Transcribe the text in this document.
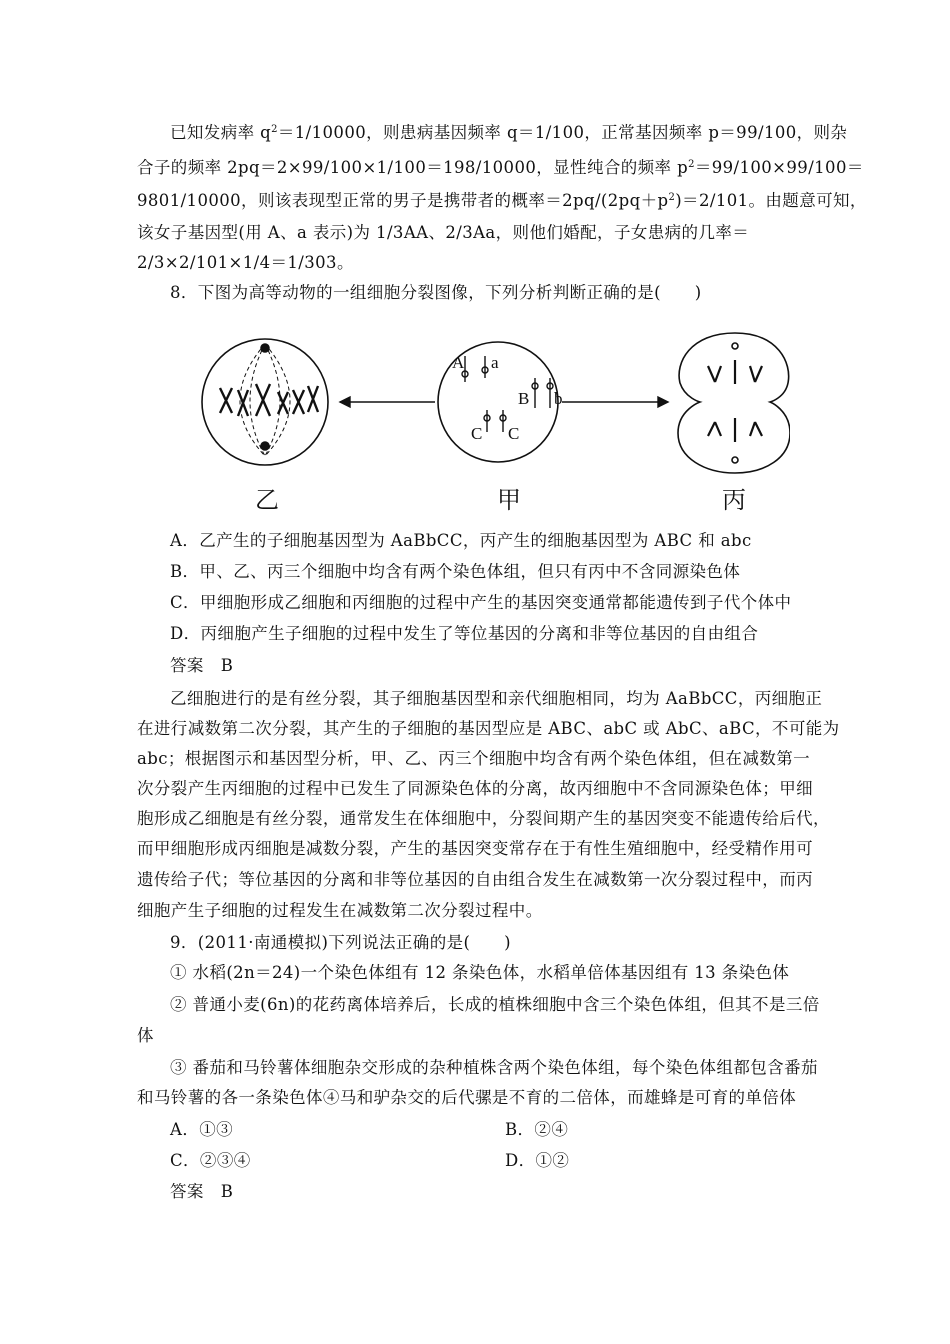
已知发病率 $q^2=1/10000$，则患病基因频率 q＝1/100，正常基因频率 p＝99/100，则杂
合子的频率 2pq＝2×99/100×1/100＝198/10000，显性纯合的频率 $p^2=99/100\times 99/100=$
9801/10000，则该表现型正常的男子是携带者的概率$=2pq/(2pq+p^2)=2/101$。由题意可知，
该女子基因型(用 A、a 表示)为 1/3AA、2/3Aa，则他们婚配，子女患病的几率＝
2/3×2/101×1/4＝1/303。
8．下图为高等动物的一组细胞分裂图像，下列分析判断正确的是(　　)
A a
B b
C C
乙	甲	丙
A．乙产生的子细胞基因型为 AaBbCC，丙产生的细胞基因型为 ABC 和 abc
B．甲、乙、丙三个细胞中均含有两个染色体组，但只有丙中不含同源染色体
C．甲细胞形成乙细胞和丙细胞的过程中产生的基因突变通常都能遗传到子代个体中
D．丙细胞产生子细胞的过程中发生了等位基因的分离和非等位基因的自由组合
答案　B
乙细胞进行的是有丝分裂，其子细胞基因型和亲代细胞相同，均为 AaBbCC，丙细胞正
在进行减数第二次分裂，其产生的子细胞的基因型应是 ABC、abC 或 AbC、aBC，不可能为
abc；根据图示和基因型分析，甲、乙、丙三个细胞中均含有两个染色体组，但在减数第一
次分裂产生丙细胞的过程中已发生了同源染色体的分离，故丙细胞中不含同源染色体；甲细
胞形成乙细胞是有丝分裂，通常发生在体细胞中，分裂间期产生的基因突变不能遗传给后代，
而甲细胞形成丙细胞是减数分裂，产生的基因突变常存在于有性生殖细胞中，经受精作用可
遗传给子代；等位基因的分离和非等位基因的自由组合发生在减数第一次分裂过程中，而丙
细胞产生子细胞的过程发生在减数第二次分裂过程中。
9．(2011·南通模拟)下列说法正确的是(　　)
① 水稻(2n＝24)一个染色体组有 12 条染色体，水稻单倍体基因组有 13 条染色体
② 普通小麦(6n)的花药离体培养后，长成的植株细胞中含三个染色体组，但其不是三倍
体
③ 番茄和马铃薯体细胞杂交形成的杂种植株含两个染色体组，每个染色体组都包含番茄
和马铃薯的各一条染色体④马和驴杂交的后代骡是不育的二倍体，而雄蜂是可育的单倍体
A．①③	B．②④
C．②③④	D．①②
答案　B
